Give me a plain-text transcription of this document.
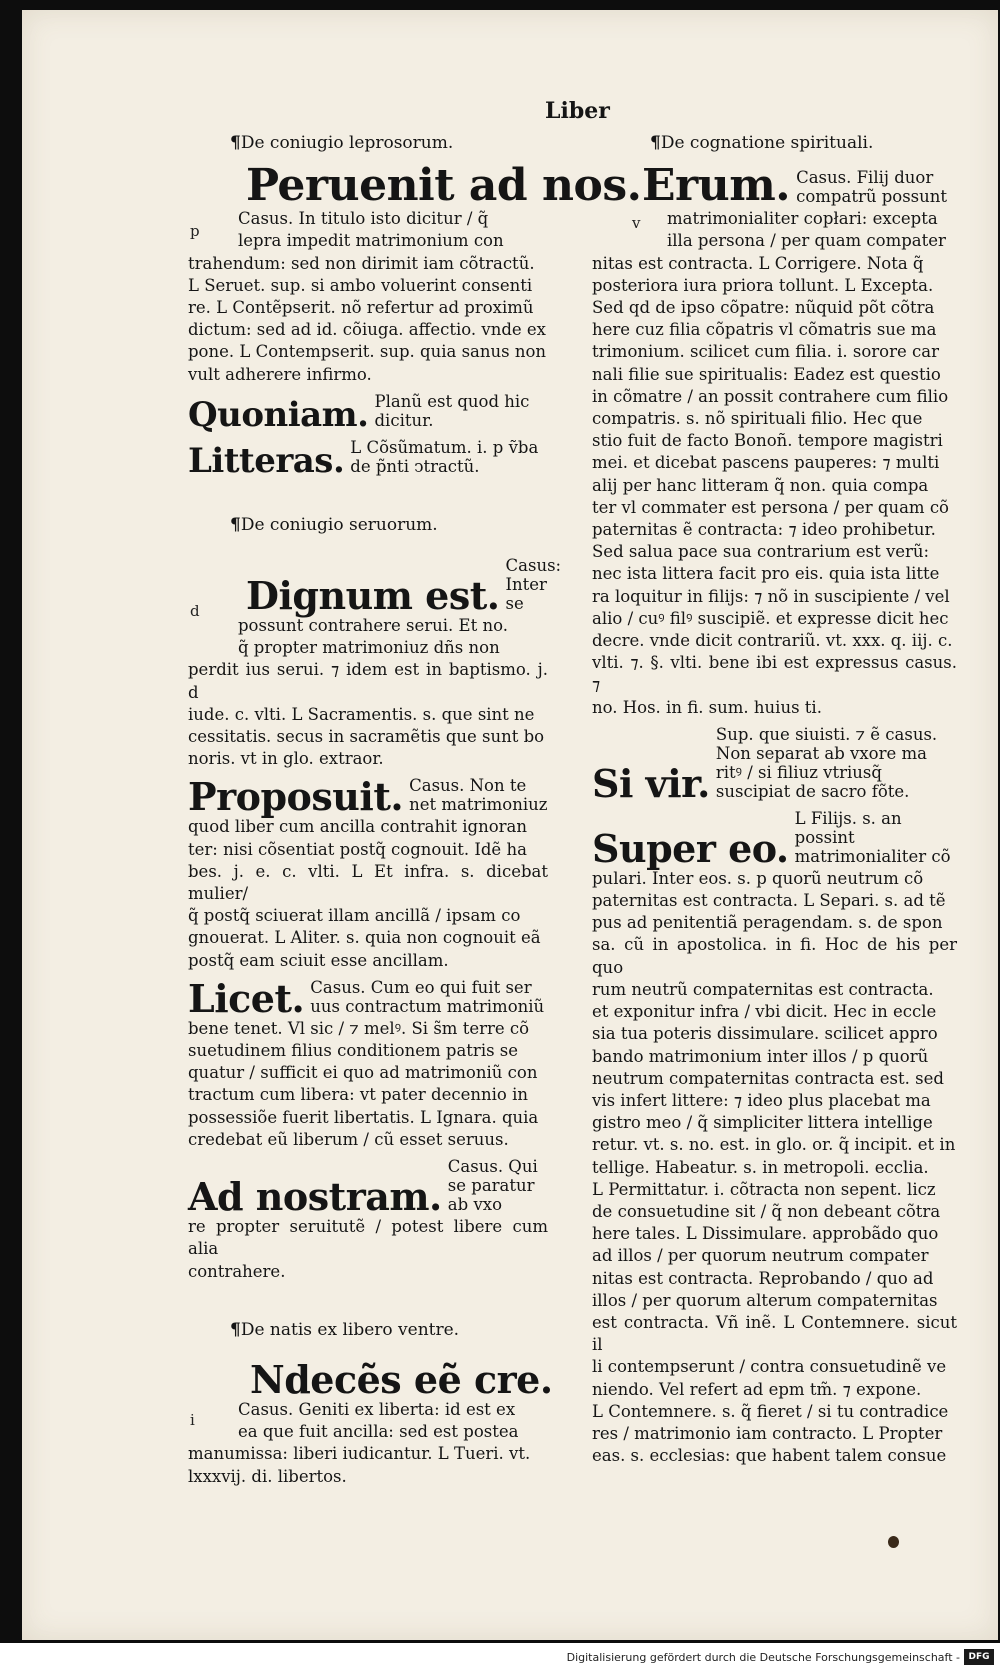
Liber
¶De coniugio leprosorum.
Peruenit ad nos.
p
Casus. In titulo isto dicitur / q̃
lepra impedit matrimonium con
trahendum: sed non dirimit iam cõtractũ.
L Seruet. sup. si ambo voluerint consenti
re. L Contẽpserit. nõ refertur ad proximũ
dictum: sed ad id. cõiuga. affectio. vnde ex
pone. L Contempserit. sup. quia sanus non
vult adherere infirmo.
Quoniam. Planũ est quod hic dicitur.
Litteras. L Cõsũmatum. i. p ṽba de p̃nti ↄtractũ.
¶De coniugio seruorum.
Dignum est.
Casus: Inter se
d
possunt contrahere serui. Et no.
q̃ propter matrimoniuz dñs non
perdit ius serui. ⁊ idem est in baptismo. j. d
iude. c. vlti. L Sacramentis. s. que sint ne
cessitatis. secus in sacramẽtis que sunt bo
noris. vt in glo. extraor.
Proposuit. Casus. Non te net matrimoniuz
quod liber cum ancilla contrahit ignoran
ter: nisi cõsentiat postq̃ cognouit. Idẽ ha
bes. j. e. c. vlti. L Et infra. s. dicebat mulier/
q̃ postq̃ sciuerat illam ancillã / ipsam co
gnouerat. L Aliter. s. quia non cognouit eã
postq̃ eam sciuit esse ancillam.
Licet. Casus. Cum eo qui fuit ser uus contractum matrimoniũ
bene tenet. Vl sic / ⁊ melꝰ. Si s̃m terre cõ
suetudinem filius conditionem patris se
quatur / sufficit ei quo ad matrimoniũ con
tractum cum libera: vt pater decennio in
possessiõe fuerit libertatis. L Ignara. quia
credebat eũ liberum / cũ esset seruus.
Ad nostram.
Casus. Qui se paratur ab vxo
re propter seruitutẽ / potest libere cum alia
contrahere.
¶De natis ex libero ventre.
Ndecẽs eẽ cre.
i
Casus. Geniti ex liberta: id est ex
ea que fuit ancilla: sed est postea
manumissa: liberi iudicantur. L Tueri. vt.
lxxxvij. di. libertos.
¶De cognatione spirituali.
Erum. Casus. Filij duor compatrũ possunt
v	matrimonialiter copłari: excepta
illa persona / per quam compater
nitas est contracta. L Corrigere. Nota q̃
posteriora iura priora tollunt. L Excepta.
Sed qd de ipso cõpatre: nũquid põt cõtra
here cuz filia cõpatris vl cõmatris sue ma
trimonium. scilicet cum filia. i. sorore car
nali filie sue spiritualis: Eadez est questio
in cõmatre / an possit contrahere cum filio
compatris. s. nõ spirituali filio. Hec que
stio fuit de facto Bonoñ. tempore magistri
mei. et dicebat pascens pauperes: ⁊ multi
alij per hanc litteram q̃ non. quia compa
ter vl commater est persona / per quam cõ
paternitas ẽ contracta: ⁊ ideo prohibetur.
Sed salua pace sua contrarium est verũ:
nec ista littera facit pro eis. quia ista litte
ra loquitur in filijs: ⁊ nõ in suscipiente / vel
alio / cuꝰ filꝰ suscipiẽ. et expresse dicit hec
decre. vnde dicit contrariũ. vt. xxx. q. iij. c.
vlti. ⁊. §. vlti. bene ibi est expressus casus. ⁊
no. Hos. in fi. sum. huius ti.
Si vir.
Sup. que siuisti. ⁊ ẽ casus. Non separat ab vxore ma ritꝰ / si filiuz vtriusq̃ suscipiat de sacro fõte.
Super eo.
L Filijs. s. an possint matrimonialiter cõ
pulari. Inter eos. s. p quorũ neutrum cõ
paternitas est contracta. L Separi. s. ad tẽ
pus ad penitentiã peragendam. s. de spon
sa. cũ in apostolica. in fi. Hoc de his per quo
rum neutrũ compaternitas est contracta.
et exponitur infra / vbi dicit. Hec in eccle
sia tua poteris dissimulare. scilicet appro
bando matrimonium inter illos / p quorũ
neutrum compaternitas contracta est. sed
vis infert littere: ⁊ ideo plus placebat ma
gistro meo / q̃ simpliciter littera intellige
retur. vt. s. no. est. in glo. or. q̃ incipit. et in
tellige. Habeatur. s. in metropoli. ecclia.
L Permittatur. i. cõtracta non sepent. licz
de consuetudine sit / q̃ non debeant cõtra
here tales. L Dissimulare. approbãdo quo
ad illos / per quorum neutrum compater
nitas est contracta. Reprobando / quo ad
illos / per quorum alterum compaternitas
est contracta. Vñ inẽ. L Contemnere. sicut il
li contempserunt / contra consuetudinẽ ve
niendo. Vel refert ad epm tm̃. ⁊ expone.
L Contemnere. s. q̃ fieret / si tu contradice
res / matrimonio iam contracto. L Propter
eas. s. ecclesias: que habent talem consue
Digitalisierung gefördert durch die Deutsche Forschungsgemeinschaft - DFG
